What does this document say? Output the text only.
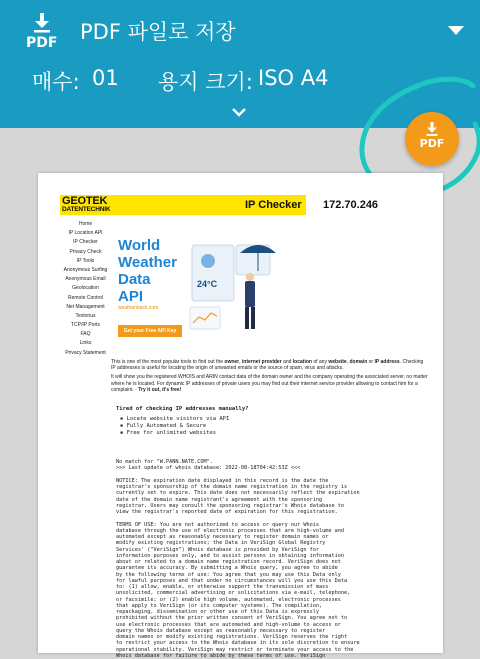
PDF PDF 파일로 저장
매수: 01 용지 크기: ISO A4
PDF
GEOTEK
DATENTECHNIK	IP Checker 172.70.246
Home
IP Location API
IP Checker
Privacy Check
IP Tools
Anonymous Surfing
Anonymous Email
Geolocation
Remote Control
Net Management
Textonus
TCP/IP Ports
FAQ
Links
Privacy Statement
World
Weather
Data
API
weatherstack.com
Get your Free API Key
24°C

This is one of the most popular tools to find out the owner, internet provider and location of any website, domain or IP address. Checking IP addresses is useful for locating the origin of unwanted emails or the source of spam, virus and attacks.

It will show you the registered WHOIS and ARIN contact data of the domain owner and the company operating the associated server, no matter where he is located. For dynamic IP addresses of private users you may find out their internet service provider allowing to contact him for a complaint. - Try it out, it's free!

Tired of checking IP addresses manually?
▪ Locate website visitors via API
▪ Fully Automated & Secure
▪ Free for unlimited websites
No match for "W.PANN.NATE.COM".
>>> Last update of whois database: 2022-08-18T04:42:53Z <<<

NOTICE: The expiration date displayed in this record is the date the
registrar's sponsorship of the domain name registration in the registry is
currently set to expire. This date does not necessarily reflect the expiration
date of the domain name registrant's agreement with the sponsoring
registrar. Users may consult the sponsoring registrar's Whois database to
view the registrar's reported date of expiration for this registration.

TERMS OF USE: You are not authorized to access or query our Whois
database through the use of electronic processes that are high-volume and
automated except as reasonably necessary to register domain names or
modify existing registrations; the Data in VeriSign Global Registry
Services' ("VeriSign") Whois database is provided by VeriSign for
information purposes only, and to assist persons in obtaining information
about or related to a domain name registration record. VeriSign does not
guarantee its accuracy. By submitting a Whois query, you agree to abide
by the following terms of use: You agree that you may use this Data only
for lawful purposes and that under no circumstances will you use this Data
to: (1) allow, enable, or otherwise support the transmission of mass
unsolicited, commercial advertising or solicitations via e-mail, telephone,
or facsimile; or (2) enable high volume, automated, electronic processes
that apply to VeriSign (or its computer systems). The compilation,
repackaging, dissemination or other use of this Data is expressly
prohibited without the prior written consent of VeriSign. You agree not to
use electronic processes that are automated and high-volume to access or
query the Whois database except as reasonably necessary to register
domain names or modify existing registrations. VeriSign reserves the right
to restrict your access to the Whois database in its sole discretion to ensure
operational stability. VeriSign may restrict or terminate your access to the
Whois database for failure to abide by these terms of use. VeriSign
